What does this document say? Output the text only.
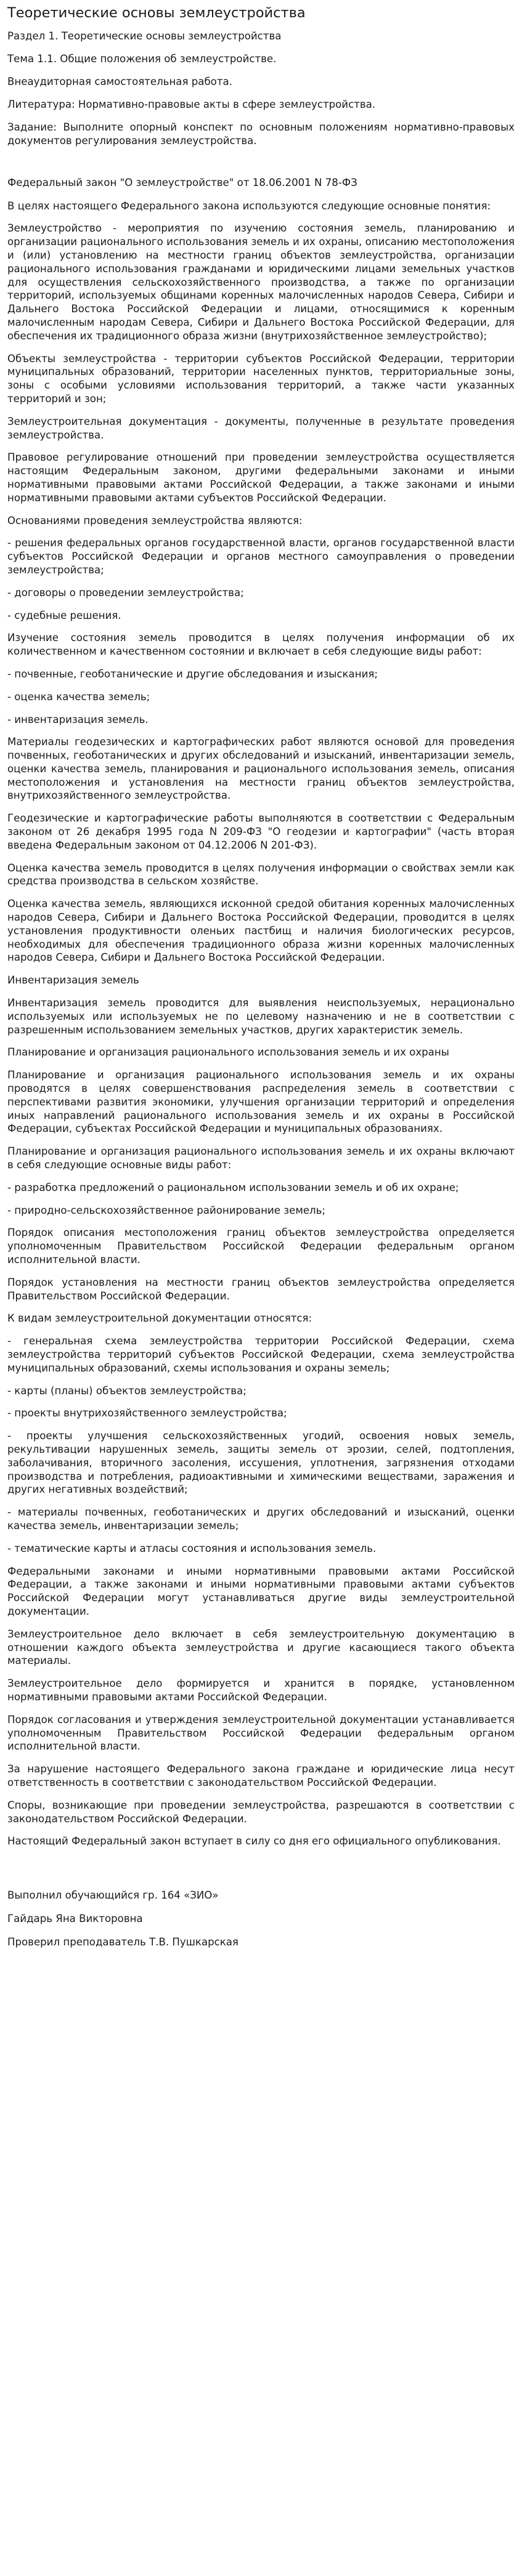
Теоретические основы землеустройства
Раздел 1. Теоретические основы землеустройства
Тема 1.1. Общие положения об землеустройстве.
Внеаудиторная самостоятельная работа.
Литература: Нормативно-правовые акты в сфере землеустройства.
Задание: Выполните опорный конспект по основным положениям нормативно-правовых документов регулирования землеустройства.
Федеральный закон "О землеустройстве" от 18.06.2001 N 78-ФЗ

В целях настоящего Федерального закона используются следующие основные понятия:

Землеустройство - мероприятия по изучению состояния земель, планированию и организации рационального использования земель и их охраны, описанию местоположения и (или) установлению на местности границ объектов землеустройства, организации рационального использования гражданами и юридическими лицами земельных участков для осуществления сельскохозяйственного производства, а также по организации территорий, используемых общинами коренных малочисленных народов Севера, Сибири и Дальнего Востока Российской Федерации и лицами, относящимися к коренным малочисленным народам Севера, Сибири и Дальнего Востока Российской Федерации, для обеспечения их традиционного образа жизни (внутрихозяйственное землеустройство);

Объекты землеустройства - территории субъектов Российской Федерации, территории муниципальных образований, территории населенных пунктов, территориальные зоны, зоны с особыми условиями использования территорий, а также части указанных территорий и зон;

Землеустроительная документация - документы, полученные в результате проведения землеустройства.

Правовое регулирование отношений при проведении землеустройства осуществляется настоящим Федеральным законом, другими федеральными законами и иными нормативными правовыми актами Российской Федерации, а также законами и иными нормативными правовыми актами субъектов Российской Федерации.

Основаниями проведения землеустройства являются:

- решения федеральных органов государственной власти, органов государственной власти субъектов Российской Федерации и органов местного самоуправления о проведении землеустройства;

- договоры о проведении землеустройства;

- судебные решения.

Изучение состояния земель проводится в целях получения информации об их количественном и качественном состоянии и включает в себя следующие виды работ:

- почвенные, геоботанические и другие обследования и изыскания;

- оценка качества земель;

- инвентаризация земель.

Материалы геодезических и картографических работ являются основой для проведения почвенных, геоботанических и других обследований и изысканий, инвентаризации земель, оценки качества земель, планирования и рационального использования земель, описания местоположения и установления на местности границ объектов землеустройства, внутрихозяйственного землеустройства.

Геодезические и картографические работы выполняются в соответствии с Федеральным законом от 26 декабря 1995 года N 209-ФЗ "О геодезии и картографии" (часть вторая введена Федеральным законом от 04.12.2006 N 201-ФЗ).

Оценка качества земель проводится в целях получения информации о свойствах земли как средства производства в сельском хозяйстве.

Оценка качества земель, являющихся исконной средой обитания коренных малочисленных народов Севера, Сибири и Дальнего Востока Российской Федерации, проводится в целях установления продуктивности оленьих пастбищ и наличия биологических ресурсов, необходимых для обеспечения традиционного образа жизни коренных малочисленных народов Севера, Сибири и Дальнего Востока Российской Федерации.

Инвентаризация земель

Инвентаризация земель проводится для выявления неиспользуемых, нерационально используемых или используемых не по целевому назначению и не в соответствии с разрешенным использованием земельных участков, других характеристик земель.

Планирование и организация рационального использования земель и их охраны

Планирование и организация рационального использования земель и их охраны проводятся в целях совершенствования распределения земель в соответствии с перспективами развития экономики, улучшения организации территорий и определения иных направлений рационального использования земель и их охраны в Российской Федерации, субъектах Российской Федерации и муниципальных образованиях.

Планирование и организация рационального использования земель и их охраны включают в себя следующие основные виды работ:

- разработка предложений о рациональном использовании земель и об их охране;

- природно-сельскохозяйственное районирование земель;

Порядок описания местоположения границ объектов землеустройства определяется уполномоченным Правительством Российской Федерации федеральным органом исполнительной власти.

Порядок установления на местности границ объектов землеустройства определяется Правительством Российской Федерации.

К видам землеустроительной документации относятся:

- генеральная схема землеустройства территории Российской Федерации, схема землеустройства территорий субъектов Российской Федерации, схема землеустройства муниципальных образований, схемы использования и охраны земель;

- карты (планы) объектов землеустройства;

- проекты внутрихозяйственного землеустройства;

- проекты улучшения сельскохозяйственных угодий, освоения новых земель, рекультивации нарушенных земель, защиты земель от эрозии, селей, подтопления, заболачивания, вторичного засоления, иссушения, уплотнения, загрязнения отходами производства и потребления, радиоактивными и химическими веществами, заражения и других негативных воздействий;

- материалы почвенных, геоботанических и других обследований и изысканий, оценки качества земель, инвентаризации земель;

- тематические карты и атласы состояния и использования земель.

Федеральными законами и иными нормативными правовыми актами Российской Федерации, а также законами и иными нормативными правовыми актами субъектов Российской Федерации могут устанавливаться другие виды землеустроительной документации.

Землеустроительное дело включает в себя землеустроительную документацию в отношении каждого объекта землеустройства и другие касающиеся такого объекта материалы.

Землеустроительное дело формируется и хранится в порядке, установленном нормативными правовыми актами Российской Федерации.

Порядок согласования и утверждения землеустроительной документации устанавливается уполномоченным Правительством Российской Федерации федеральным органом исполнительной власти.

За нарушение настоящего Федерального закона граждане и юридические лица несут ответственность в соответствии с законодательством Российской Федерации.

Споры, возникающие при проведении землеустройства, разрешаются в соответствии с законодательством Российской Федерации.

Настоящий Федеральный закон вступает в силу со дня его официального опубликования.

Выполнил обучающийся гр. 164 «ЗИО»
Гайдарь Яна Викторовна
Проверил преподаватель Т.В. Пушкарская
